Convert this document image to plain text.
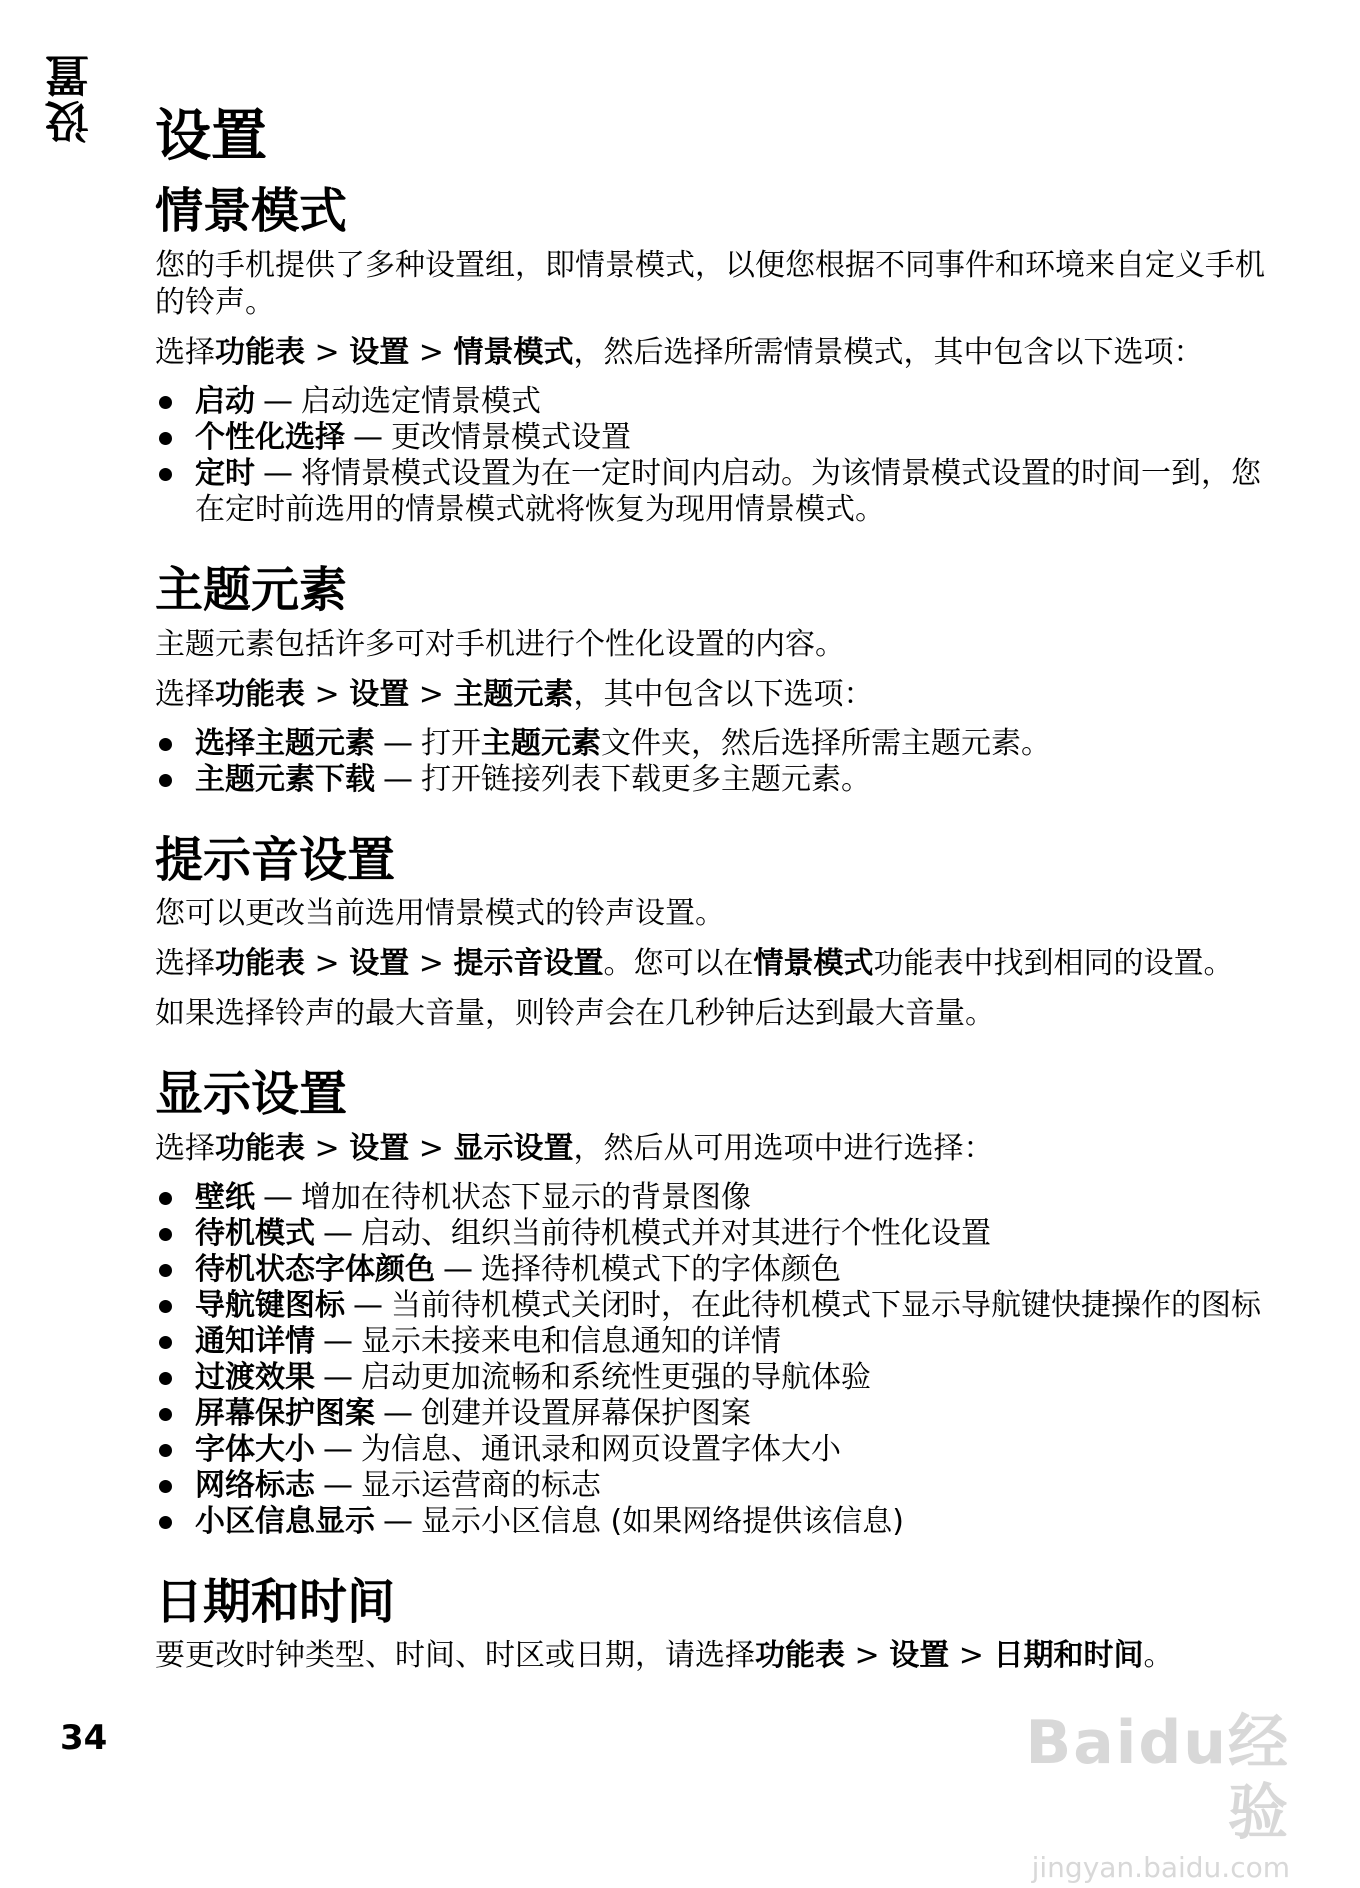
设置 设置
情景模式

您的手机提供了多种设置组，即情景模式，以便您根据不同事件和环境来自定义手机的铃声。

选择功能表 > 设置 > 情景模式，然后选择所需情景模式，其中包含以下选项：

启动 — 启动选定情景模式
个性化选择 — 更改情景模式设置
定时 — 将情景模式设置为在一定时间内启动。为该情景模式设置的时间一到，您在定时前选用的情景模式就将恢复为现用情景模式。
主题元素

主题元素包括许多可对手机进行个性化设置的内容。

选择功能表 > 设置 > 主题元素，其中包含以下选项：

选择主题元素 — 打开主题元素文件夹，然后选择所需主题元素。
主题元素下载 — 打开链接列表下载更多主题元素。
提示音设置

您可以更改当前选用情景模式的铃声设置。

选择功能表 > 设置 > 提示音设置。您可以在情景模式功能表中找到相同的设置。

如果选择铃声的最大音量，则铃声会在几秒钟后达到最大音量。

显示设置

选择功能表 > 设置 > 显示设置，然后从可用选项中进行选择：

壁纸 — 增加在待机状态下显示的背景图像
待机模式 — 启动、组织当前待机模式并对其进行个性化设置
待机状态字体颜色 — 选择待机模式下的字体颜色
导航键图标 — 当前待机模式关闭时，在此待机模式下显示导航键快捷操作的图标
通知详情 — 显示未接来电和信息通知的详情
过渡效果 — 启动更加流畅和系统性更强的导航体验
屏幕保护图案 — 创建并设置屏幕保护图案
字体大小 — 为信息、通讯录和网页设置字体大小
网络标志 — 显示运营商的标志
小区信息显示 — 显示小区信息 (如果网络提供该信息)
日期和时间

要更改时钟类型、时间、时区或日期，请选择功能表 > 设置 > 日期和时间。

34	Baidu经验
jingyan.baidu.com
